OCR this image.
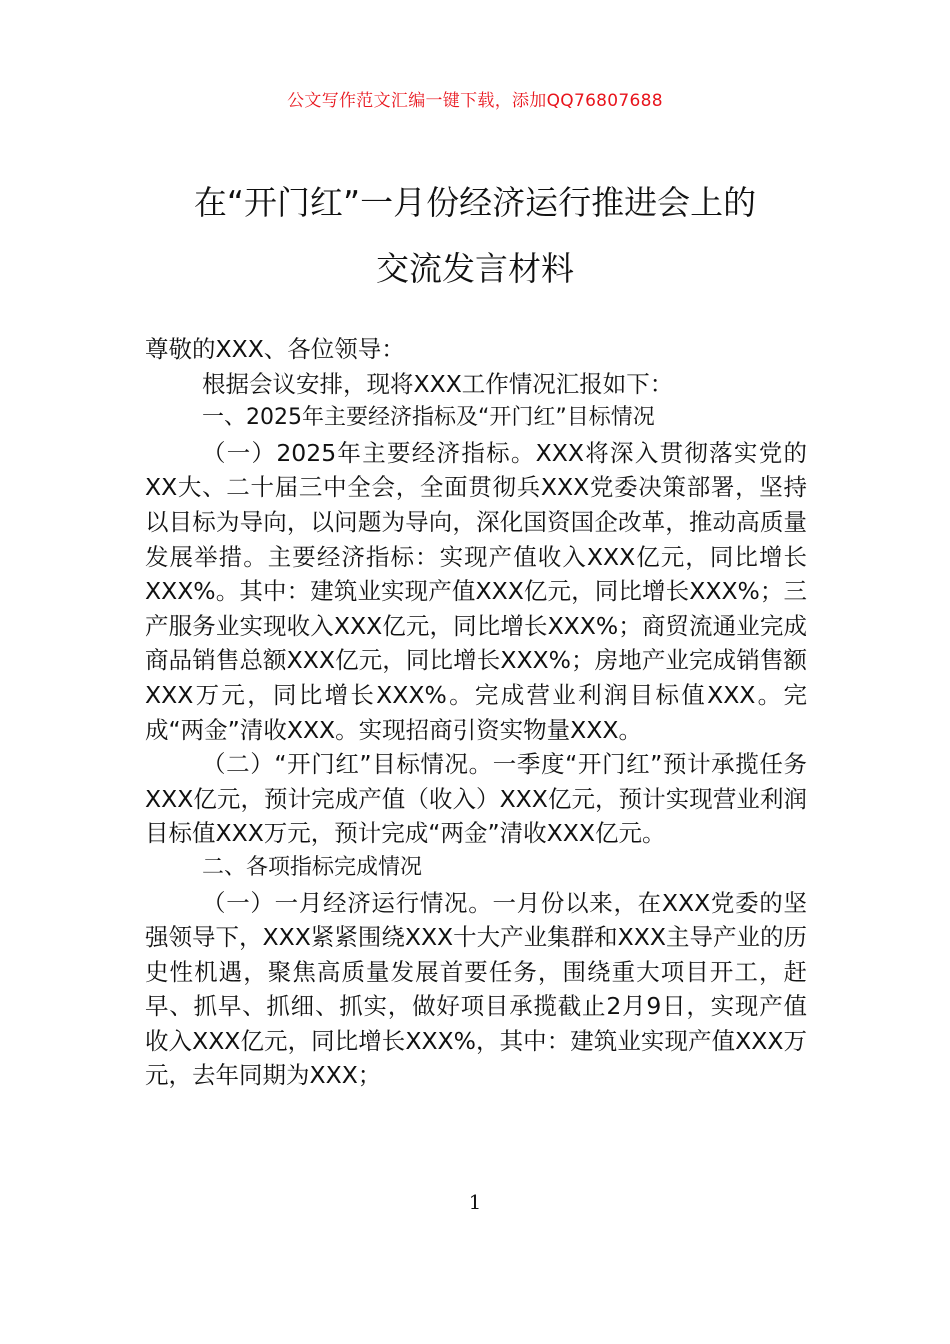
公文写作范文汇编一键下载，添加QQ76807688
在“开门红”一月份经济运行推进会上的
交流发言材料

尊敬的XXX、各位领导：

根据会议安排，现将XXX工作情况汇报如下：

一、2025年主要经济指标及“开门红”目标情况

（一）2025年主要经济指标。XXX将深入贯彻落实党的XX大、二十届三中全会，全面贯彻兵XXX党委决策部署，坚持以目标为导向，以问题为导向，深化国资国企改革，推动高质量发展举措。主要经济指标：实现产值收入XXX亿元，同比增长XXX%。其中：建筑业实现产值XXX亿元，同比增长XXX%；三产服务业实现收入XXX亿元，同比增长XXX%；商贸流通业完成商品销售总额XXX亿元，同比增长XXX%；房地产业完成销售额XXX万元，同比增长XXX%。完成营业利润目标值XXX。完成“两金”清收XXX。实现招商引资实物量XXX。

（二）“开门红”目标情况。一季度“开门红”预计承揽任务XXX亿元，预计完成产值（收入）XXX亿元，预计实现营业利润目标值XXX万元，预计完成“两金”清收XXX亿元。

二、各项指标完成情况

（一）一月经济运行情况。一月份以来，在XXX党委的坚强领导下，XXX紧紧围绕XXX十大产业集群和XXX主导产业的历史性机遇，聚焦高质量发展首要任务，围绕重大项目开工，赶早、抓早、抓细、抓实，做好项目承揽截止2月9日，实现产值收入XXX亿元，同比增长XXX%，其中：建筑业实现产值XXX万元，去年同期为XXX；

1
